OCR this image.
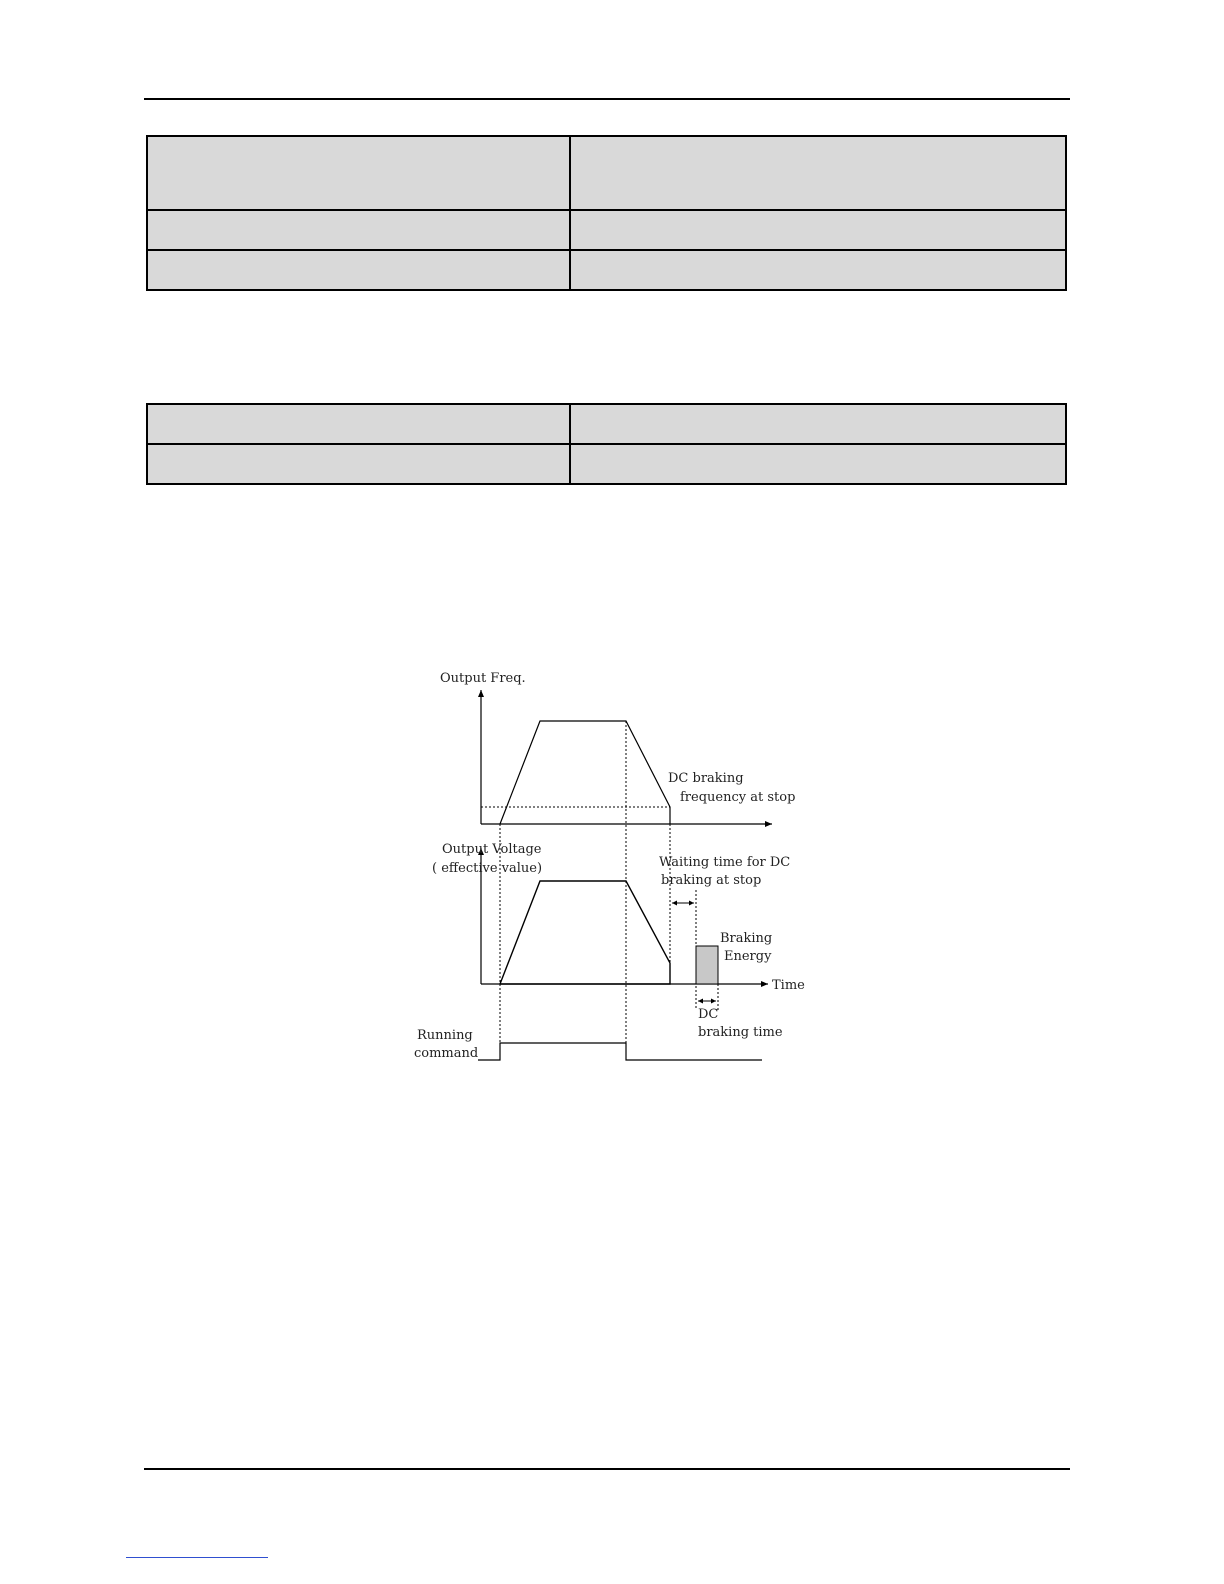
Output Freq.
DC braking
frequency at stop
Output Voltage
( effective value)	Waiting time for DC
braking at stop
Braking
Energy
Time
DC
braking time
Running
command
